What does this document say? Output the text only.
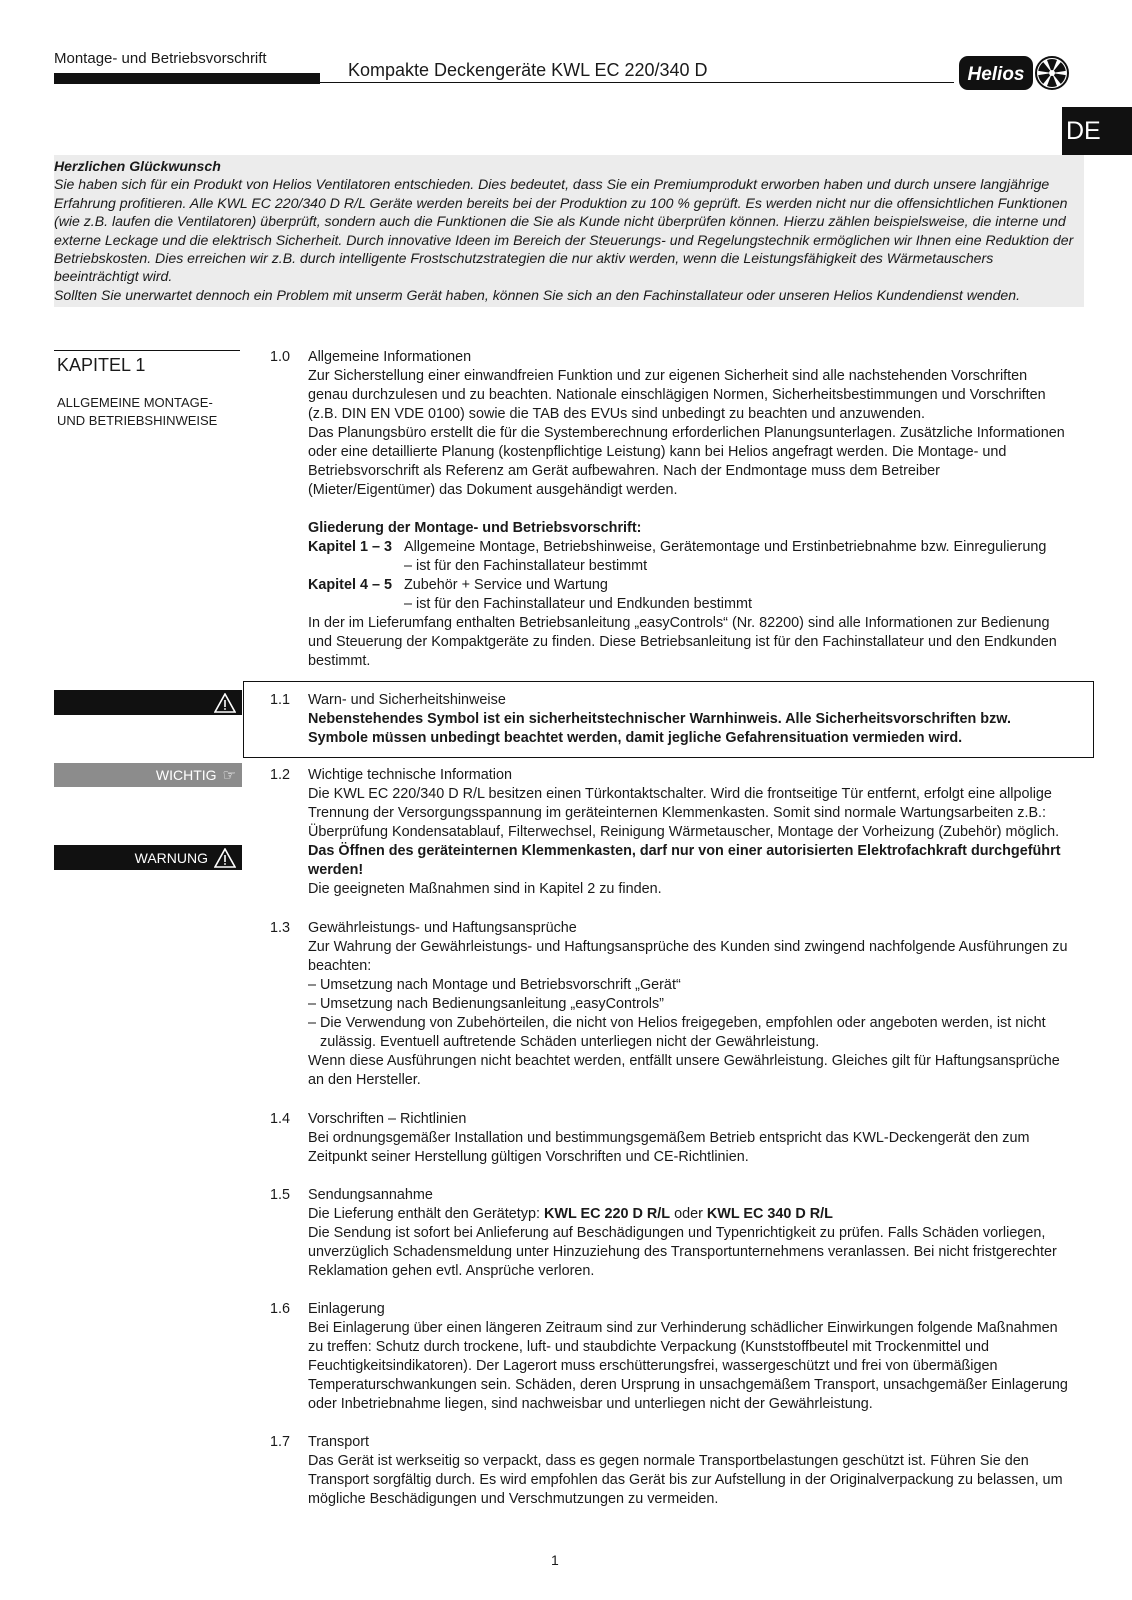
Montage- und Betriebsvorschrift
Kompakte Deckengeräte KWL EC 220/340 D	Helios
DE

Herzlichen Glückwunsch

Sie haben sich für ein Produkt von Helios Ventilatoren entschieden. Dies bedeutet, dass Sie ein Premiumprodukt erworben haben und durch unsere langjährige Erfahrung profitieren. Alle KWL EC 220/340 D R/L Geräte werden bereits bei der Produktion zu 100 % geprüft. Es werden nicht nur die offensichtlichen Funktionen (wie z.B. laufen die Ventilatoren) überprüft, sondern auch die Funktionen die Sie als Kunde nicht überprüfen können. Hierzu zählen beispielsweise, die interne und externe Leckage und die elektrisch Sicherheit. Durch innovative Ideen im Bereich der Steuerungs- und Regelungstechnik ermöglichen wir Ihnen eine Reduktion der Betriebskosten. Dies erreichen wir z.B. durch intelligente Frostschutzstrategien die nur aktiv werden, wenn die Leistungsfähigkeit des Wärmetauschers beeinträchtigt wird.

Sollten Sie unerwartet dennoch ein Problem mit unserm Gerät haben, können Sie sich an den Fachinstallateur oder unseren Helios Kundendienst wenden.

KAPITEL 1
ALLGEMEINE MONTAGE-
UND BETRIEBSHINWEISE
WICHTIG ☞
WARNUNG
1.0 Allgemeine Informationen

Zur Sicherstellung einer einwandfreien Funktion und zur eigenen Sicherheit sind alle nachstehenden Vorschriften genau durchzulesen und zu beachten. Nationale einschlägigen Normen, Sicherheitsbestimmungen und Vorschriften (z.B. DIN EN VDE 0100) sowie die TAB des EVUs sind unbedingt zu beachten und anzuwenden.

Das Planungsbüro erstellt die für die Systemberechnung erforderlichen Planungsunterlagen. Zusätzliche Informationen oder eine detaillierte Planung (kostenpflichtige Leistung) kann bei Helios angefragt werden. Die Montage- und Betriebsvorschrift als Referenz am Gerät aufbewahren. Nach der Endmontage muss dem Betreiber (Mieter/Eigentümer) das Dokument ausgehändigt werden.

Gliederung der Montage- und Betriebsvorschrift:

Kapitel 1 – 3 Allgemeine Montage, Betriebshinweise, Gerätemontage und Erstinbetriebnahme bzw. Einregulierung

– ist für den Fachinstallateur bestimmt

Kapitel 4 – 5 Zubehör + Service und Wartung

– ist für den Fachinstallateur und Endkunden bestimmt

In der im Lieferumfang enthalten Betriebsanleitung „easyControls“ (Nr. 82200) sind alle Informationen zur Bedienung und Steuerung der Kompaktgeräte zu finden. Diese Betriebsanleitung ist für den Fachinstallateur und den Endkunden bestimmt.

1.1 Warn- und Sicherheitshinweise

Nebenstehendes Symbol ist ein sicherheitstechnischer Warnhinweis. Alle Sicherheitsvorschriften bzw. Symbole müssen unbedingt beachtet werden, damit jegliche Gefahrensituation vermieden wird.

1.2 Wichtige technische Information

Die KWL EC 220/340 D R/L besitzen einen Türkontaktschalter. Wird die frontseitige Tür entfernt, erfolgt eine allpolige Trennung der Versorgungsspannung im geräteinternen Klemmenkasten. Somit sind normale Wartungsarbeiten z.B.: Überprüfung Kondensatablauf, Filterwechsel, Reinigung Wärmetauscher, Montage der Vorheizung (Zubehör) möglich.

Das Öffnen des geräteinternen Klemmenkasten, darf nur von einer autorisierten Elektrofachkraft durchgeführt werden!

Die geeigneten Maßnahmen sind in Kapitel 2 zu finden.

1.3 Gewährleistungs- und Haftungsansprüche

Zur Wahrung der Gewährleistungs- und Haftungsansprüche des Kunden sind zwingend nachfolgende Ausführungen zu beachten:

– Umsetzung nach Montage und Betriebsvorschrift „Gerät“

– Umsetzung nach Bedienungsanleitung „easyControls”

– Die Verwendung von Zubehörteilen, die nicht von Helios freigegeben, empfohlen oder angeboten werden, ist nicht zulässig. Eventuell auftretende Schäden unterliegen nicht der Gewährleistung.

Wenn diese Ausführungen nicht beachtet werden, entfällt unsere Gewährleistung. Gleiches gilt für Haftungsansprüche an den Hersteller.

1.4 Vorschriften – Richtlinien

Bei ordnungsgemäßer Installation und bestimmungsgemäßem Betrieb entspricht das KWL-Deckengerät den zum Zeitpunkt seiner Herstellung gültigen Vorschriften und CE-Richtlinien.

1.5 Sendungsannahme

Die Lieferung enthält den Gerätetyp: KWL EC 220 D R/L oder KWL EC 340 D R/L

Die Sendung ist sofort bei Anlieferung auf Beschädigungen und Typenrichtigkeit zu prüfen. Falls Schäden vorliegen, unverzüglich Schadensmeldung unter Hinzuziehung des Transportunternehmens veranlassen. Bei nicht fristgerechter Reklamation gehen evtl. Ansprüche verloren.

1.6 Einlagerung

Bei Einlagerung über einen längeren Zeitraum sind zur Verhinderung schädlicher Einwirkungen folgende Maßnahmen zu treffen: Schutz durch trockene, luft- und staubdichte Verpackung (Kunststoffbeutel mit Trockenmittel und Feuchtigkeitsindikatoren). Der Lagerort muss erschütterungsfrei, wassergeschützt und frei von übermäßigen Temperaturschwankungen sein. Schäden, deren Ursprung in unsachgemäßem Transport, unsachgemäßer Einlagerung oder Inbetriebnahme liegen, sind nachweisbar und unterliegen nicht der Gewährleistung.

1.7 Transport

Das Gerät ist werkseitig so verpackt, dass es gegen normale Transportbelastungen geschützt ist. Führen Sie den Transport sorgfältig durch. Es wird empfohlen das Gerät bis zur Aufstellung in der Originalverpackung zu belassen, um mögliche Beschädigungen und Verschmutzungen zu vermeiden.

1
